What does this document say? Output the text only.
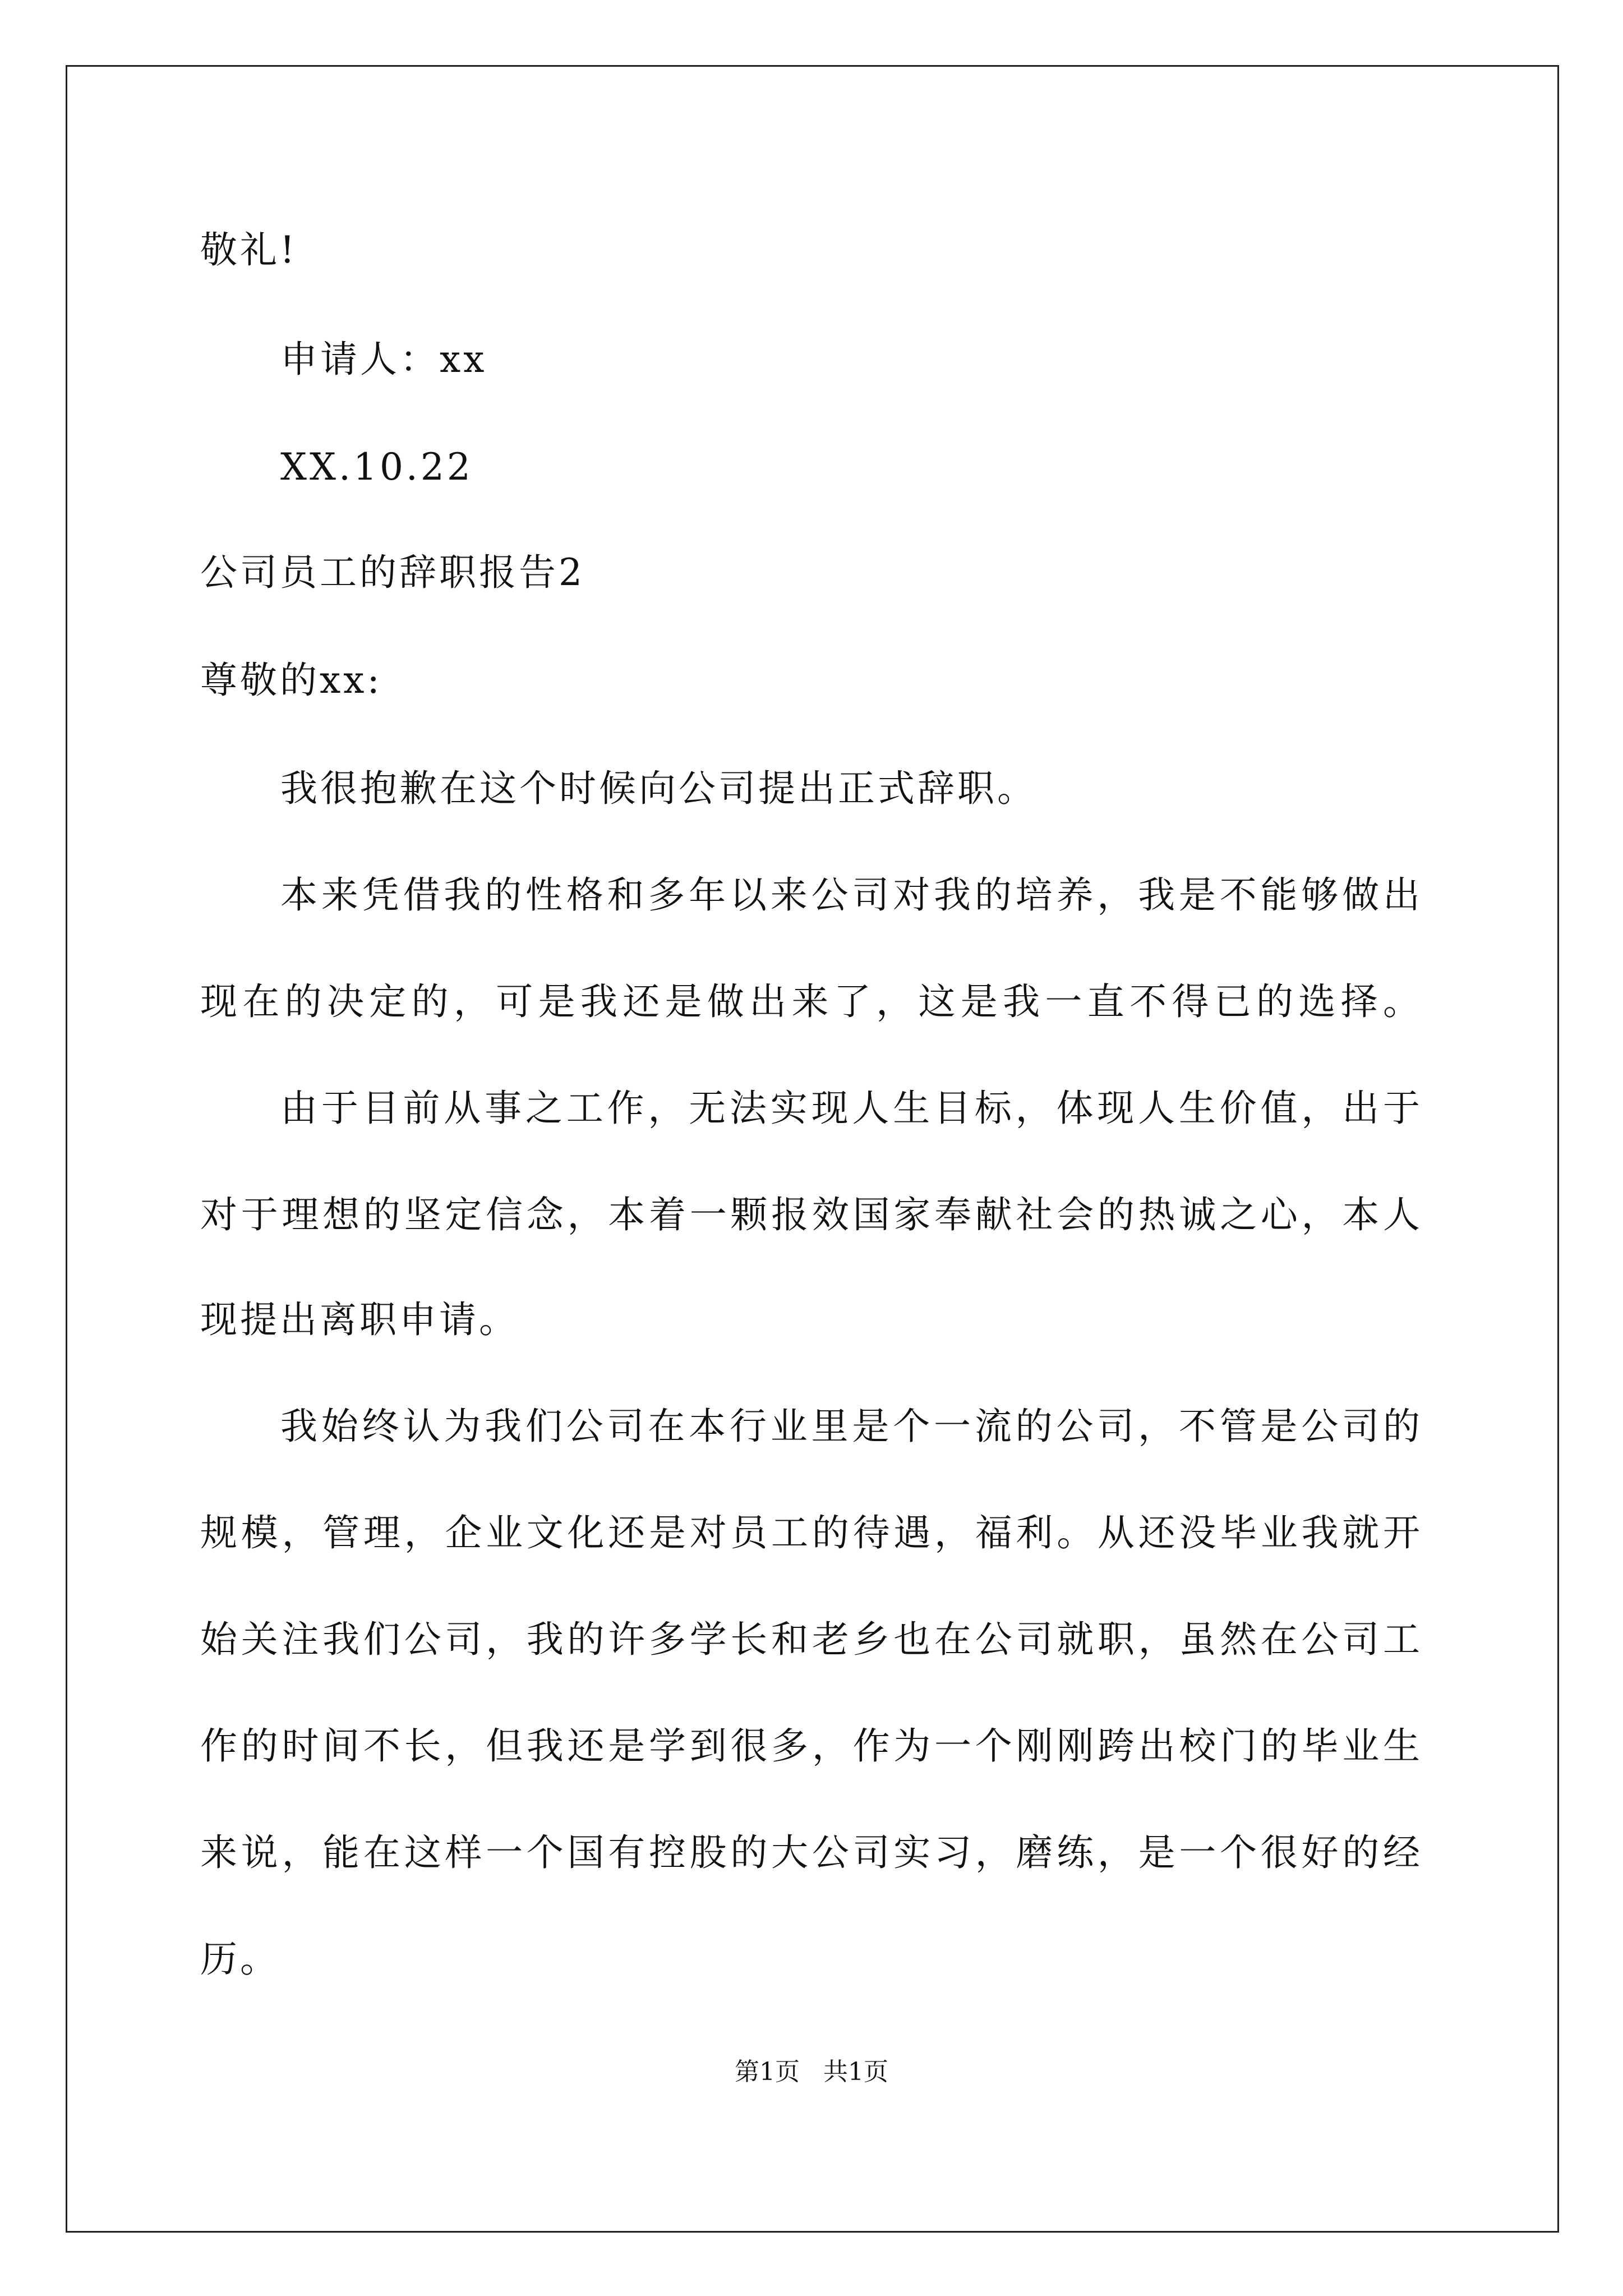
敬礼!
申请人：xx
XX.10.22
公司员工的辞职报告2
尊敬的xx:
我很抱歉在这个时候向公司提出正式辞职。
本来凭借我的性格和多年以来公司对我的培养，我是不能够做出
现在的决定的，可是我还是做出来了，这是我一直不得已的选择。
由于目前从事之工作，无法实现人生目标，体现人生价值，出于
对于理想的坚定信念，本着一颗报效国家奉献社会的热诚之心，本人
现提出离职申请。
我始终认为我们公司在本行业里是个一流的公司，不管是公司的
规模，管理，企业文化还是对员工的待遇，福利。从还没毕业我就开
始关注我们公司，我的许多学长和老乡也在公司就职，虽然在公司工
作的时间不长，但我还是学到很多，作为一个刚刚跨出校门的毕业生
来说，能在这样一个国有控股的大公司实习，磨练，是一个很好的经
历。
第1页   共1页
